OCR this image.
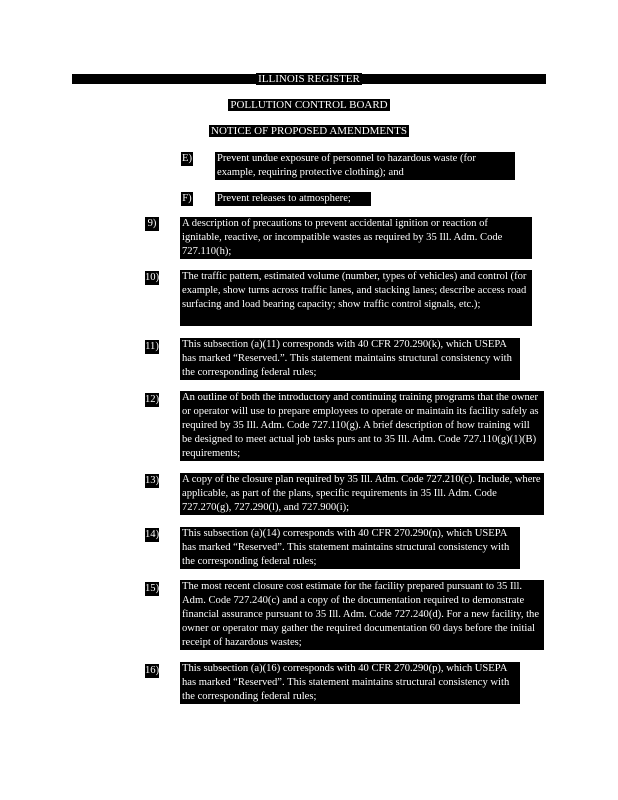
ILLINOIS REGISTER
POLLUTION CONTROL BOARD
NOTICE OF PROPOSED AMENDMENTS
E) Prevent undue exposure of personnel to hazardous waste (for example, requiring protective clothing); and
F) Prevent releases to atmosphere;
9) A description of precautions to prevent accidental ignition or reaction of ignitable, reactive, or incompatible wastes as required by 35 Ill. Adm. Code 727.110(h);
10) The traffic pattern, estimated volume (number, types of vehicles) and control (for example, show turns across traffic lanes, and stacking lanes; describe access road surfacing and load bearing capacity; show traffic control signals, etc.);
11) This subsection (a)(11) corresponds with 40 CFR 270.290(k), which USEPA has marked “Reserved.”. This statement maintains structural consistency with the corresponding federal rules;
12) An outline of both the introductory and continuing training programs that the owner or operator will use to prepare employees to operate or maintain its facility safely as required by 35 Ill. Adm. Code 727.110(g). A brief description of how training will be designed to meet actual job tasks purs ant to 35 Ill. Adm. Code 727.110(g)(1)(B) requirements;
13) A copy of the closure plan required by 35 Ill. Adm. Code 727.210(c). Include, where applicable, as part of the plans, specific requirements in 35 Ill. Adm. Code 727.270(g), 727.290(l), and 727.900(i);
14) This subsection (a)(14) corresponds with 40 CFR 270.290(n), which USEPA has marked “Reserved”. This statement maintains structural consistency with the corresponding federal rules;
15) The most recent closure cost estimate for the facility prepared pursuant to 35 Ill. Adm. Code 727.240(c) and a copy of the documentation required to demonstrate financial assurance pursuant to 35 Ill. Adm. Code 727.240(d). For a new facility, the owner or operator may gather the required documentation 60 days before the initial receipt of hazardous wastes;
16) This subsection (a)(16) corresponds with 40 CFR 270.290(p), which USEPA has marked “Reserved”. This statement maintains structural consistency with the corresponding federal rules;
